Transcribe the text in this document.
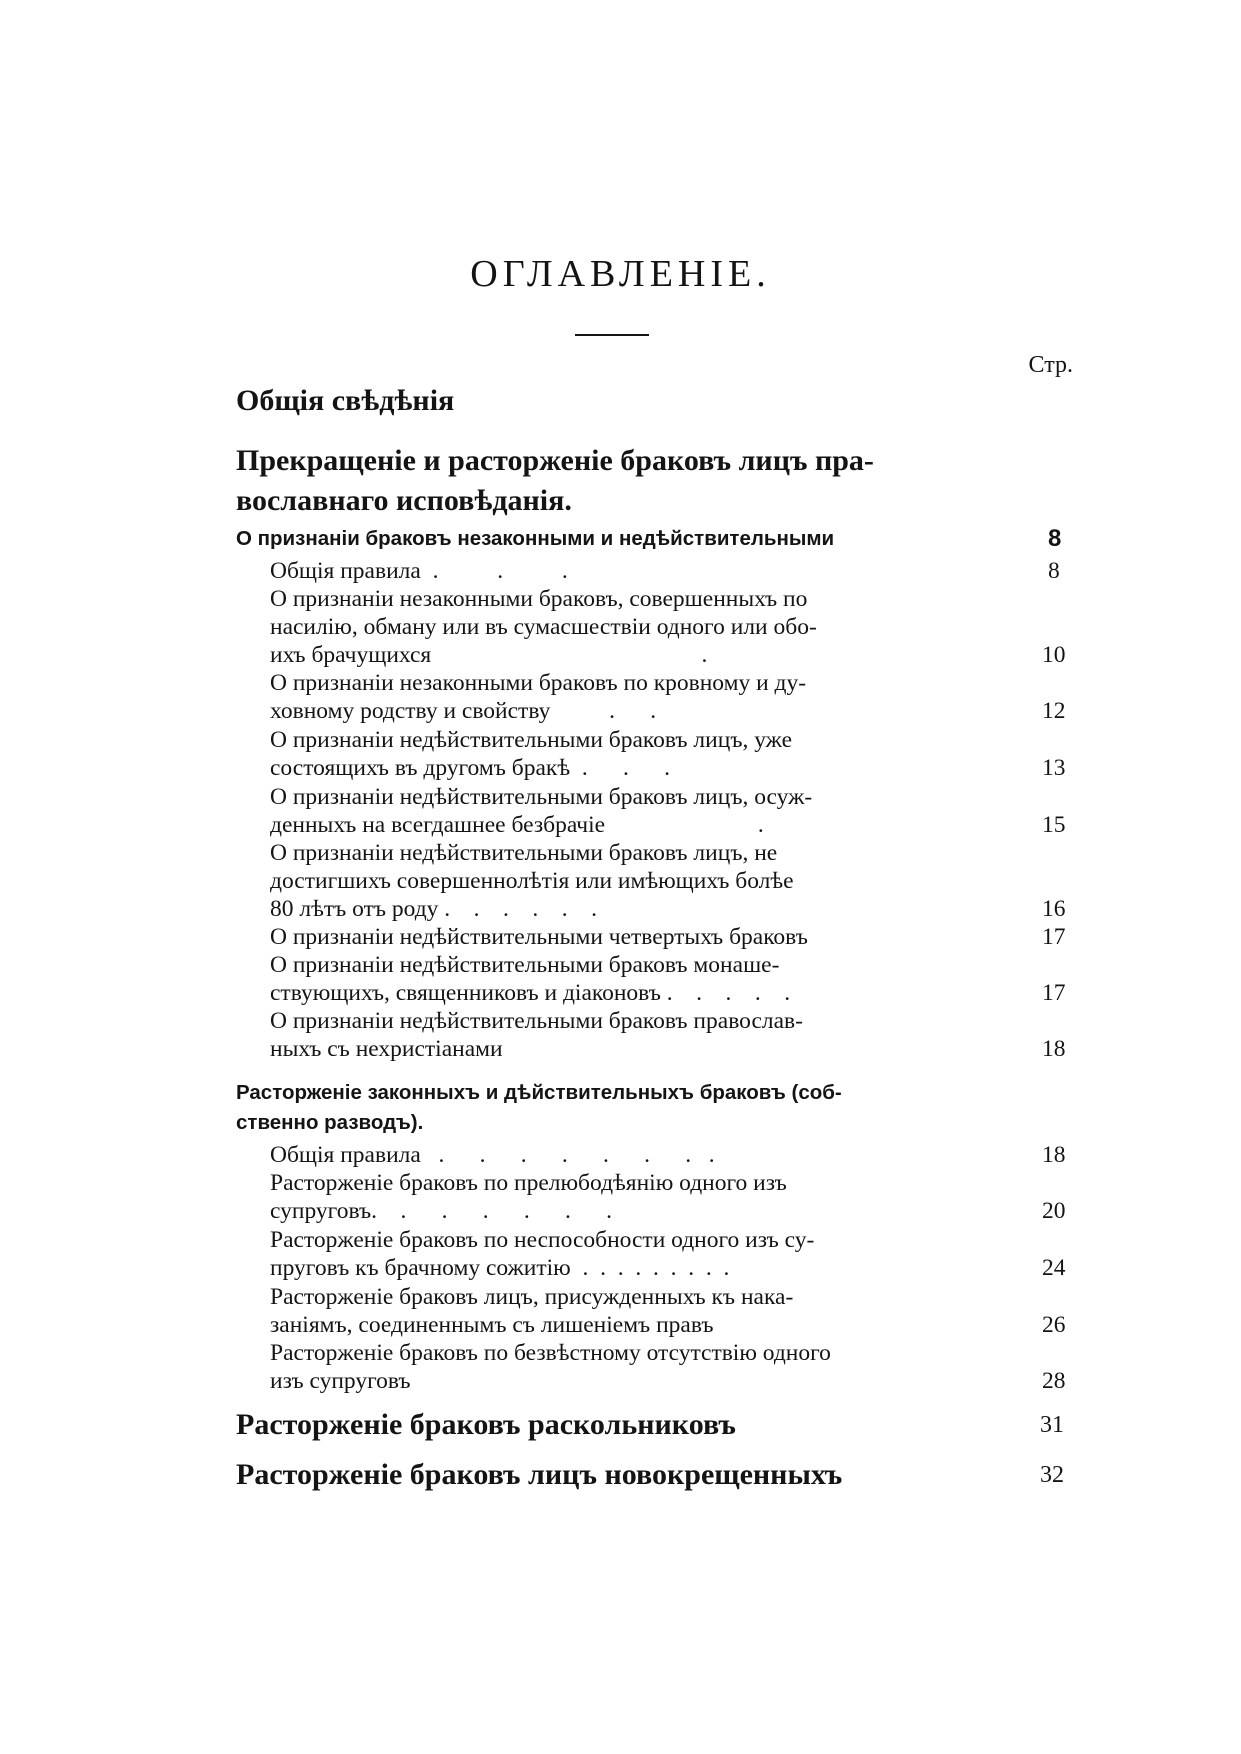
ОГЛАВЛЕНІЕ.
Стр.
Общія свѣдѣнія
Прекращеніе и расторженіе браковъ лицъ пра-
вославнаго исповѣданія.
О признаніи браковъ незаконными и недѣйствительными	8
Общія правила  .          .          .	8
О признаніи незаконными браковъ, совершенныхъ по
насилію, обману или въ сумасшествіи одного или обо-
ихъ брачущихся                                              .	10
О признаніи незаконными браковъ по кровному и ду-
ховному родству и свойству          .      .	12
О признаніи недѣйствительными браковъ лицъ, уже
состоящихъ въ другомъ бракѣ  .      .      .	13
О признаніи недѣйствительными браковъ лицъ, осуж-
денныхъ на всегдашнее безбрачіе                          .	15
О признаніи недѣйствительными браковъ лицъ, не
достигшихъ совершеннолѣтія или имѣющихъ болѣе
80 лѣтъ отъ роду .    .    .    .    .    .	16
О признаніи недѣйствительными четвертыхъ браковъ	17
О признаніи недѣйствительными браковъ монаше-
ствующихъ, священниковъ и діаконовъ .    .    .    .    .	17
О признаніи недѣйствительными браковъ православ-
ныхъ съ нехристіанами	18
Расторженіе законныхъ и дѣйствительныхъ браковъ (соб-
ственно разводъ).
Общія правила   .      .      .      .      .      .      .   .	18
Расторженіе браковъ по прелюбодѣянію одного изъ
супруговъ.    .      .      .      .      .      .	20
Расторженіе браковъ по неспособности одного изъ су-
пруговъ къ брачному сожитію  .  .  .  .  .  .  .  .  .	24
Расторженіе браковъ лицъ, присужденныхъ къ нака-
заніямъ, соединеннымъ съ лишеніемъ правъ	26
Расторженіе браковъ по безвѣстному отсутствію одного
изъ супруговъ	28
Расторженіе браковъ раскольниковъ	31
Расторженіе браковъ лицъ новокрещенныхъ	32
